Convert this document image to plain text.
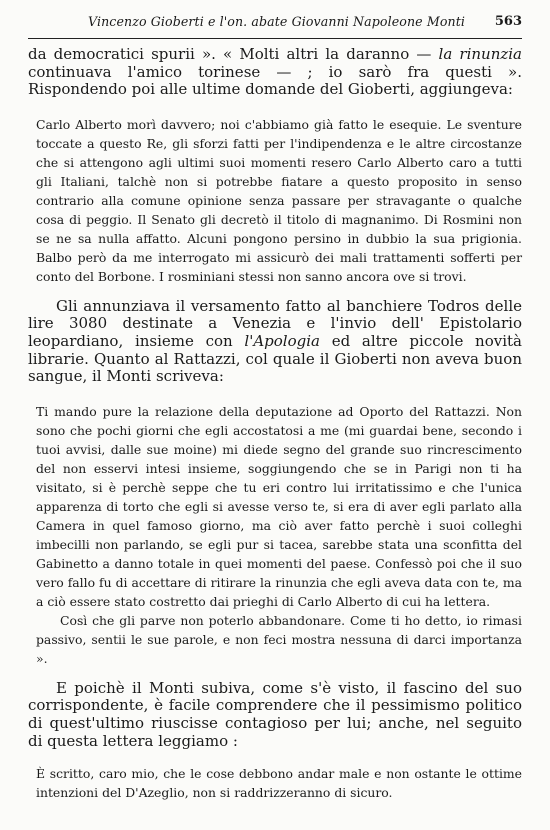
Vincenzo Gioberti e l'on. abate Giovanni Napoleone Monti 563

da democratici spurii ». « Molti altri la daranno — la rinunzia continuava l'amico torinese — ; io sarò fra questi ». Rispondendo poi alle ultime domande del Gioberti, aggiungeva:

Carlo Alberto morì davvero; noi c'abbiamo già fatto le esequie. Le sventure toccate a questo Re, gli sforzi fatti per l'indipendenza e le altre circostanze che si attengono agli ultimi suoi momenti resero Carlo Alberto caro a tutti gli Italiani, talchè non si potrebbe fiatare a questo proposito in senso contrario alla comune opinione senza passare per stravagante o qualche cosa di peggio. Il Senato gli decretò il titolo di magnanimo. Di Rosmini non se ne sa nulla affatto. Alcuni pongono persino in dubbio la sua prigionia. Balbo però da me interrogato mi assicurò dei mali trattamenti sofferti per conto del Borbone. I rosminiani stessi non sanno ancora ove si trovi.

Gli annunziava il versamento fatto al banchiere Todros delle lire 3080 destinate a Venezia e l'invio dell' Epistolario leopardiano, insieme con l'Apologia ed altre piccole novità librarie. Quanto al Rattazzi, col quale il Gioberti non aveva buon sangue, il Monti scriveva:

Ti mando pure la relazione della deputazione ad Oporto del Rattazzi. Non sono che pochi giorni che egli accostatosi a me (mi guardai bene, secondo i tuoi avvisi, dalle sue moine) mi diede segno del grande suo rincrescimento del non esservi intesi insieme, soggiungendo che se in Parigi non ti ha visitato, si è perchè seppe che tu eri contro lui irritatissimo e che l'unica apparenza di torto che egli si avesse verso te, si era di aver egli parlato alla Camera in quel famoso giorno, ma ciò aver fatto perchè i suoi colleghi imbecilli non parlando, se egli pur si tacea, sarebbe stata una sconfitta del Gabinetto a danno totale in quei momenti del paese. Confessò poi che il suo vero fallo fu di accettare di ritirare la rinunzia che egli aveva data con te, ma a ciò essere stato costretto dai prieghi di Carlo Alberto di cui ha lettera.

Così che gli parve non poterlo abbandonare. Come ti ho detto, io rimasi passivo, sentii le sue parole, e non feci mostra nessuna di darci importanza ».

E poichè il Monti subiva, come s'è visto, il fascino del suo corrispondente, è facile comprendere che il pessimismo politico di quest'ultimo riuscisse contagioso per lui; anche, nel seguito di questa lettera leggiamo :

È scritto, caro mio, che le cose debbono andar male e non ostante le ottime intenzioni del D'Azeglio, non si raddrizzeranno di sicuro.
